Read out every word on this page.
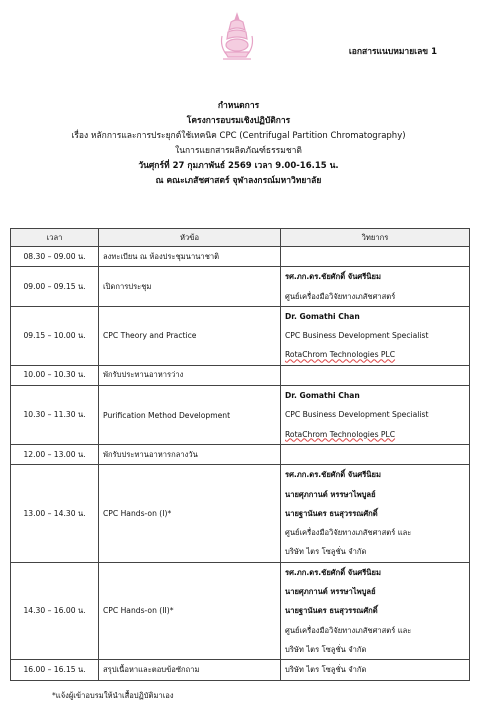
เอกสารแนบหมายเลข 1
กำหนดการ
โครงการอบรมเชิงปฏิบัติการ
เรื่อง หลักการและการประยุกต์ใช้เทคนิค CPC (Centrifugal Partition Chromatography)
ในการแยกสารผลิตภัณฑ์ธรรมชาติ
วันศุกร์ที่ 27 กุมภาพันธ์ 2569 เวลา 9.00-16.15 น.
ณ คณะเภสัชศาสตร์ จุฬาลงกรณ์มหาวิทยาลัย
เวลา	หัวข้อ	วิทยากร
08.30 – 09.00 น.	ลงทะเบียน ณ ห้องประชุมนานาชาติ	

09.00 – 09.15 น.	เปิดการประชุม	รศ.ภก.ดร.ชัยศักดิ์ จันศรีนิยม
ศูนย์เครื่องมือวิจัยทางเภสัชศาสตร์

09.15 – 10.00 น.	CPC Theory and Practice	Dr. Gomathi Chan
CPC Business Development Specialist
RotaChrom Technologies PLC

10.00 – 10.30 น.	พักรับประทานอาหารว่าง	

10.30 – 11.30 น.	Purification Method Development	Dr. Gomathi Chan
CPC Business Development Specialist
RotaChrom Technologies PLC

12.00 – 13.00 น.	พักรับประทานอาหารกลางวัน	

13.00 – 14.30 น.	CPC Hands-on (I)*	รศ.ภก.ดร.ชัยศักดิ์ จันศรีนิยม
นายศุภกานต์ หรรษาไพบูลย์
นายฐานันดร ธนสุวรรณศักดิ์
ศูนย์เครื่องมือวิจัยทางเภสัชศาสตร์ และ
บริษัท ไตร โซลูชั่น จำกัด

14.30 – 16.00 น.	CPC Hands-on (II)*	รศ.ภก.ดร.ชัยศักดิ์ จันศรีนิยม
นายศุภกานต์ หรรษาไพบูลย์
นายฐานันดร ธนสุวรรณศักดิ์
ศูนย์เครื่องมือวิจัยทางเภสัชศาสตร์ และ
บริษัท ไตร โซลูชั่น จำกัด

16.00 – 16.15 น.	สรุปเนื้อหาและตอบข้อซักถาม	บริษัท ไตร โซลูชั่น จำกัด
*แจ้งผู้เข้าอบรมให้นำเสื้อปฏิบัติมาเอง
